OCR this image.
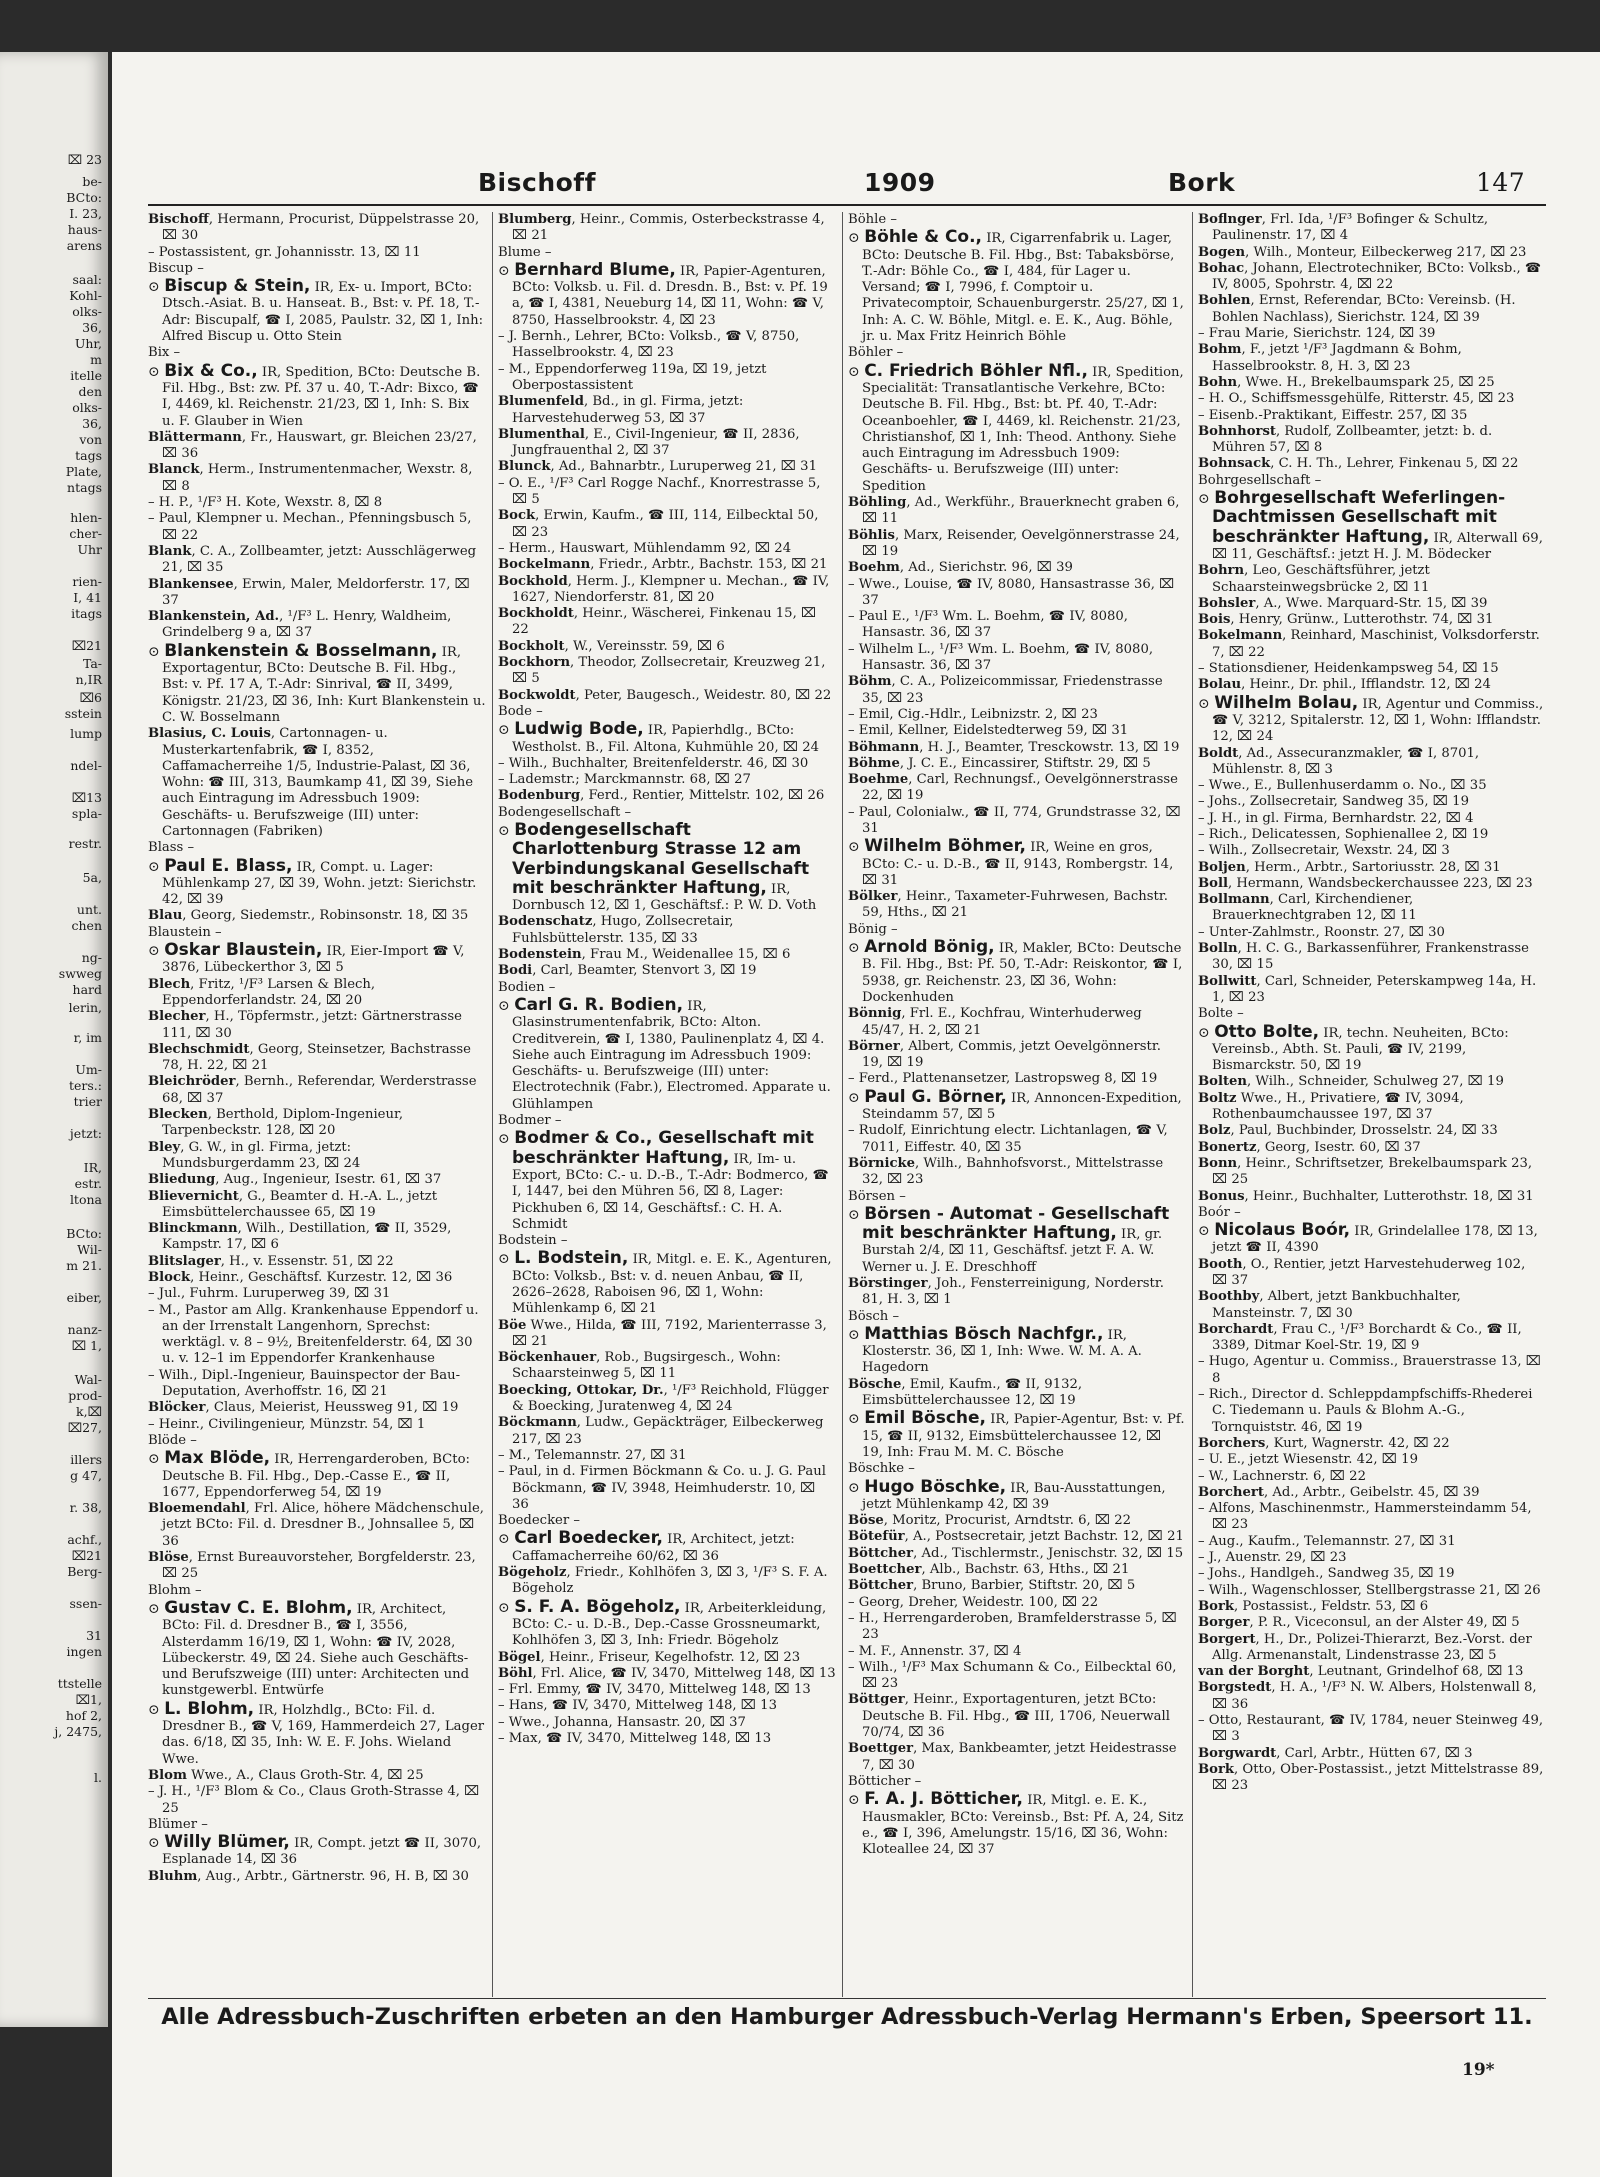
⌧ 23
be-
BCto:
I. 23,
haus-
arens
saal:
Kohl-
olks-
36,
Uhr,
m
itelle
den
olks-
36,
von
tags
Plate,
ntags
hlen-
cher-
Uhr
rien-
I, 41
itags
⌧21
Ta-
n,IR
⌧6
sstein
lump
ndel-
⌧13
spla-
restr.
5a,
unt.
chen
ng-
swweg
hard
lerin,
r, im
Um-
ters.:
trier
jetzt:
IR,
estr.
ltona
BCto:
Wil-
m 21.
eiber,
nanz-
⌧ 1,
Wal-
prod-
k,⌧
⌧27,
illers
g 47,
r. 38,
achf.,
⌧21
Berg-
ssen-
31
ingen
ttstelle
⌧1,
hof 2,
j, 2475,
l.
Bischoff	1909	Bork	147
Bischoff, Hermann, Procurist, Düppelstrasse 20, ⌧ 30
– Postassistent, gr. Johannisstr. 13, ⌧ 11
Biscup –
⊙ Biscup & Stein, IR, Ex- u. Import, BCto: Dtsch.-Asiat. B. u. Hanseat. B., Bst: v. Pf. 18, T.-Adr: Biscupalf, ☎ I, 2085, Paulstr. 32, ⌧ 1, Inh: Alfred Biscup u. Otto Stein
Bix –
⊙ Bix & Co., IR, Spedition, BCto: Deutsche B. Fil. Hbg., Bst: zw. Pf. 37 u. 40, T.-Adr: Bixco, ☎ I, 4469, kl. Reichenstr. 21/23, ⌧ 1, Inh: S. Bix u. F. Glauber in Wien
Blättermann, Fr., Hauswart, gr. Bleichen 23/27, ⌧ 36
Blanck, Herm., Instrumentenmacher, Wexstr. 8, ⌧ 8
– H. P., ¹/F³ H. Kote, Wexstr. 8, ⌧ 8
– Paul, Klempner u. Mechan., Pfenningsbusch 5, ⌧ 22
Blank, C. A., Zollbeamter, jetzt: Ausschlägerweg 21, ⌧ 35
Blankensee, Erwin, Maler, Meldorferstr. 17, ⌧ 37
Blankenstein, Ad., ¹/F³ L. Henry, Waldheim, Grindelberg 9 a, ⌧ 37
⊙ Blankenstein & Bosselmann, IR, Exportagentur, BCto: Deutsche B. Fil. Hbg., Bst: v. Pf. 17 A, T.-Adr: Sinrival, ☎ II, 3499, Königstr. 21/23, ⌧ 36, Inh: Kurt Blankenstein u. C. W. Bosselmann
Blasius, C. Louis, Cartonnagen- u. Musterkartenfabrik, ☎ I, 8352, Caffamacherreihe 1/5, Industrie-Palast, ⌧ 36, Wohn: ☎ III, 313, Baumkamp 41, ⌧ 39, Siehe auch Eintragung im Adressbuch 1909: Geschäfts- u. Berufszweige (III) unter: Cartonnagen (Fabriken)
Blass –
⊙ Paul E. Blass, IR, Compt. u. Lager: Mühlenkamp 27, ⌧ 39, Wohn. jetzt: Sierichstr. 42, ⌧ 39
Blau, Georg, Siedemstr., Robinsonstr. 18, ⌧ 35
Blaustein –
⊙ Oskar Blaustein, IR, Eier-Import ☎ V, 3876, Lübeckerthor 3, ⌧ 5
Blech, Fritz, ¹/F³ Larsen & Blech, Eppendorferlandstr. 24, ⌧ 20
Blecher, H., Töpfermstr., jetzt: Gärtnerstrasse 111, ⌧ 30
Blechschmidt, Georg, Steinsetzer, Bachstrasse 78, H. 22, ⌧ 21
Bleichröder, Bernh., Referendar, Werderstrasse 68, ⌧ 37
Blecken, Berthold, Diplom-Ingenieur, Tarpenbeckstr. 128, ⌧ 20
Bley, G. W., in gl. Firma, jetzt: Mundsburgerdamm 23, ⌧ 24
Bliedung, Aug., Ingenieur, Isestr. 61, ⌧ 37
Blievernicht, G., Beamter d. H.-A. L., jetzt Eimsbüttelerchaussee 65, ⌧ 19
Blinckmann, Wilh., Destillation, ☎ II, 3529, Kampstr. 17, ⌧ 6
Blitslager, H., v. Essenstr. 51, ⌧ 22
Block, Heinr., Geschäftsf. Kurzestr. 12, ⌧ 36
– Jul., Fuhrm. Luruperweg 39, ⌧ 31
– M., Pastor am Allg. Krankenhause Eppendorf u. an der Irrenstalt Langenhorn, Sprechst: werktägl. v. 8 – 9½, Breitenfelderstr. 64, ⌧ 30 u. v. 12–1 im Eppendorfer Krankenhause
– Wilh., Dipl.-Ingenieur, Bauinspector der Bau-Deputation, Averhoffstr. 16, ⌧ 21
Blöcker, Claus, Meierist, Heussweg 91, ⌧ 19
– Heinr., Civilingenieur, Münzstr. 54, ⌧ 1
Blöde –
⊙ Max Blöde, IR, Herrengarderoben, BCto: Deutsche B. Fil. Hbg., Dep.-Casse E., ☎ II, 1677, Eppendorferweg 54, ⌧ 19
Bloemendahl, Frl. Alice, höhere Mädchenschule, jetzt BCto: Fil. d. Dresdner B., Johnsallee 5, ⌧ 36
Blöse, Ernst Bureauvorsteher, Borgfelderstr. 23, ⌧ 25
Blohm –
⊙ Gustav C. E. Blohm, IR, Architect, BCto: Fil. d. Dresdner B., ☎ I, 3556, Alsterdamm 16/19, ⌧ 1, Wohn: ☎ IV, 2028, Lübeckerstr. 49, ⌧ 24. Siehe auch Geschäfts- und Berufszweige (III) unter: Architecten und kunstgewerbl. Entwürfe
⊙ L. Blohm, IR, Holzhdlg., BCto: Fil. d. Dresdner B., ☎ V, 169, Hammerdeich 27, Lager das. 6/18, ⌧ 35, Inh: W. E. F. Johs. Wieland Wwe.
Blom Wwe., A., Claus Groth-Str. 4, ⌧ 25
– J. H., ¹/F³ Blom & Co., Claus Groth-Strasse 4, ⌧ 25
Blümer –
⊙ Willy Blümer, IR, Compt. jetzt ☎ II, 3070, Esplanade 14, ⌧ 36
Bluhm, Aug., Arbtr., Gärtnerstr. 96, H. B, ⌧ 30
Blumberg, Heinr., Commis, Osterbeckstrasse 4, ⌧ 21
Blume –
⊙ Bernhard Blume, IR, Papier-Agenturen, BCto: Volksb. u. Fil. d. Dresdn. B., Bst: v. Pf. 19 a, ☎ I, 4381, Neueburg 14, ⌧ 11, Wohn: ☎ V, 8750, Hasselbrookstr. 4, ⌧ 23
– J. Bernh., Lehrer, BCto: Volksb., ☎ V, 8750, Hasselbrookstr. 4, ⌧ 23
– M., Eppendorferweg 119a, ⌧ 19, jetzt Oberpostassistent
Blumenfeld, Bd., in gl. Firma, jetzt: Harvestehuderweg 53, ⌧ 37
Blumenthal, E., Civil-Ingenieur, ☎ II, 2836, Jungfrauenthal 2, ⌧ 37
Blunck, Ad., Bahnarbtr., Luruperweg 21, ⌧ 31
– O. E., ¹/F³ Carl Rogge Nachf., Knorrestrasse 5, ⌧ 5
Bock, Erwin, Kaufm., ☎ III, 114, Eilbecktal 50, ⌧ 23
– Herm., Hauswart, Mühlendamm 92, ⌧ 24
Bockelmann, Friedr., Arbtr., Bachstr. 153, ⌧ 21
Bockhold, Herm. J., Klempner u. Mechan., ☎ IV, 1627, Niendorferstr. 81, ⌧ 20
Bockholdt, Heinr., Wäscherei, Finkenau 15, ⌧ 22
Bockholt, W., Vereinsstr. 59, ⌧ 6
Bockhorn, Theodor, Zollsecretair, Kreuzweg 21, ⌧ 5
Bockwoldt, Peter, Baugesch., Weidestr. 80, ⌧ 22
Bode –
⊙ Ludwig Bode, IR, Papierhdlg., BCto: Westholst. B., Fil. Altona, Kuhmühle 20, ⌧ 24
– Wilh., Buchhalter, Breitenfelderstr. 46, ⌧ 30
– Lademstr.; Marckmannstr. 68, ⌧ 27
Bodenburg, Ferd., Rentier, Mittelstr. 102, ⌧ 26
Bodengesellschaft –
⊙ Bodengesellschaft Charlottenburg Strasse 12 am Verbindungskanal Gesellschaft mit beschränkter Haftung, IR, Dornbusch 12, ⌧ 1, Geschäftsf.: P. W. D. Voth
Bodenschatz, Hugo, Zollsecretair, Fuhlsbüttelerstr. 135, ⌧ 33
Bodenstein, Frau M., Weidenallee 15, ⌧ 6
Bodi, Carl, Beamter, Stenvort 3, ⌧ 19
Bodien –
⊙ Carl G. R. Bodien, IR, Glasinstrumentenfabrik, BCto: Alton. Creditverein, ☎ I, 1380, Paulinenplatz 4, ⌧ 4. Siehe auch Eintragung im Adressbuch 1909: Geschäfts- u. Berufszweige (III) unter: Electrotechnik (Fabr.), Electromed. Apparate u. Glühlampen
Bodmer –
⊙ Bodmer & Co., Gesellschaft mit beschränkter Haftung, IR, Im- u. Export, BCto: C.- u. D.-B., T.-Adr: Bodmerco, ☎ I, 1447, bei den Mühren 56, ⌧ 8, Lager: Pickhuben 6, ⌧ 14, Geschäftsf.: C. H. A. Schmidt
Bodstein –
⊙ L. Bodstein, IR, Mitgl. e. E. K., Agenturen, BCto: Volksb., Bst: v. d. neuen Anbau, ☎ II, 2626–2628, Raboisen 96, ⌧ 1, Wohn: Mühlenkamp 6, ⌧ 21
Böe Wwe., Hilda, ☎ III, 7192, Marienterrasse 3, ⌧ 21
Böckenhauer, Rob., Bugsirgesch., Wohn: Schaarsteinweg 5, ⌧ 11
Boecking, Ottokar, Dr., ¹/F³ Reichhold, Flügger & Boecking, Juratenweg 4, ⌧ 24
Böckmann, Ludw., Gepäckträger, Eilbeckerweg 217, ⌧ 23
– M., Telemannstr. 27, ⌧ 31
– Paul, in d. Firmen Böckmann & Co. u. J. G. Paul Böckmann, ☎ IV, 3948, Heimhuderstr. 10, ⌧ 36
Boedecker –
⊙ Carl Boedecker, IR, Architect, jetzt: Caffamacherreihe 60/62, ⌧ 36
Bögeholz, Friedr., Kohlhöfen 3, ⌧ 3, ¹/F³ S. F. A. Bögeholz
⊙ S. F. A. Bögeholz, IR, Arbeiterkleidung, BCto: C.- u. D.-B., Dep.-Casse Grossneumarkt, Kohlhöfen 3, ⌧ 3, Inh: Friedr. Bögeholz
Bögel, Heinr., Friseur, Kegelhofstr. 12, ⌧ 23
Böhl, Frl. Alice, ☎ IV, 3470, Mittelweg 148, ⌧ 13
– Frl. Emmy, ☎ IV, 3470, Mittelweg 148, ⌧ 13
– Hans, ☎ IV, 3470, Mittelweg 148, ⌧ 13
– Wwe., Johanna, Hansastr. 20, ⌧ 37
– Max, ☎ IV, 3470, Mittelweg 148, ⌧ 13
Böhle –
⊙ Böhle & Co., IR, Cigarrenfabrik u. Lager, BCto: Deutsche B. Fil. Hbg., Bst: Tabaksbörse, T.-Adr: Böhle Co., ☎ I, 484, für Lager u. Versand; ☎ I, 7996, f. Comptoir u. Privatecomptoir, Schauenburgerstr. 25/27, ⌧ 1, Inh: A. C. W. Böhle, Mitgl. e. E. K., Aug. Böhle, jr. u. Max Fritz Heinrich Böhle
Böhler –
⊙ C. Friedrich Böhler Nfl., IR, Spedition, Specialität: Transatlantische Verkehre, BCto: Deutsche B. Fil. Hbg., Bst: bt. Pf. 40, T.-Adr: Oceanboehler, ☎ I, 4469, kl. Reichenstr. 21/23, Christianshof, ⌧ 1, Inh: Theod. Anthony. Siehe auch Eintragung im Adressbuch 1909: Geschäfts- u. Berufszweige (III) unter: Spedition
Böhling, Ad., Werkführ., Brauerknecht graben 6, ⌧ 11
Böhlis, Marx, Reisender, Oevelgönnerstrasse 24, ⌧ 19
Boehm, Ad., Sierichstr. 96, ⌧ 39
– Wwe., Louise, ☎ IV, 8080, Hansastrasse 36, ⌧ 37
– Paul E., ¹/F³ Wm. L. Boehm, ☎ IV, 8080, Hansastr. 36, ⌧ 37
– Wilhelm L., ¹/F³ Wm. L. Boehm, ☎ IV, 8080, Hansastr. 36, ⌧ 37
Böhm, C. A., Polizeicommissar, Friedenstrasse 35, ⌧ 23
– Emil, Cig.-Hdlr., Leibnizstr. 2, ⌧ 23
– Emil, Kellner, Eidelstedterweg 59, ⌧ 31
Böhmann, H. J., Beamter, Tresckowstr. 13, ⌧ 19
Böhme, J. C. E., Eincassirer, Stiftstr. 29, ⌧ 5
Boehme, Carl, Rechnungsf., Oevelgönnerstrasse 22, ⌧ 19
– Paul, Colonialw., ☎ II, 774, Grundstrasse 32, ⌧ 31
⊙ Wilhelm Böhmer, IR, Weine en gros, BCto: C.- u. D.-B., ☎ II, 9143, Rombergstr. 14, ⌧ 31
Bölker, Heinr., Taxameter-Fuhrwesen, Bachstr. 59, Hths., ⌧ 21
Bönig –
⊙ Arnold Bönig, IR, Makler, BCto: Deutsche B. Fil. Hbg., Bst: Pf. 50, T.-Adr: Reiskontor, ☎ I, 5938, gr. Reichenstr. 23, ⌧ 36, Wohn: Dockenhuden
Bönnig, Frl. E., Kochfrau, Winterhuderweg 45/47, H. 2, ⌧ 21
Börner, Albert, Commis, jetzt Oevelgönnerstr. 19, ⌧ 19
– Ferd., Plattenansetzer, Lastropsweg 8, ⌧ 19
⊙ Paul G. Börner, IR, Annoncen-Expedition, Steindamm 57, ⌧ 5
– Rudolf, Einrichtung electr. Lichtanlagen, ☎ V, 7011, Eiffestr. 40, ⌧ 35
Börnicke, Wilh., Bahnhofsvorst., Mittelstrasse 32, ⌧ 23
Börsen –
⊙ Börsen - Automat - Gesellschaft mit beschränkter Haftung, IR, gr. Burstah 2/4, ⌧ 11, Geschäftsf. jetzt F. A. W. Werner u. J. E. Dreschhoff
Börstinger, Joh., Fensterreinigung, Norderstr. 81, H. 3, ⌧ 1
Bösch –
⊙ Matthias Bösch Nachfgr., IR, Klosterstr. 36, ⌧ 1, Inh: Wwe. W. M. A. A. Hagedorn
Bösche, Emil, Kaufm., ☎ II, 9132, Eimsbüttelerchaussee 12, ⌧ 19
⊙ Emil Bösche, IR, Papier-Agentur, Bst: v. Pf. 15, ☎ II, 9132, Eimsbüttelerchaussee 12, ⌧ 19, Inh: Frau M. M. C. Bösche
Böschke –
⊙ Hugo Böschke, IR, Bau-Ausstattungen, jetzt Mühlenkamp 42, ⌧ 39
Böse, Moritz, Procurist, Arndtstr. 6, ⌧ 22
Bötefür, A., Postsecretair, jetzt Bachstr. 12, ⌧ 21
Böttcher, Ad., Tischlermstr., Jenischstr. 32, ⌧ 15
Boettcher, Alb., Bachstr. 63, Hths., ⌧ 21
Böttcher, Bruno, Barbier, Stiftstr. 20, ⌧ 5
– Georg, Dreher, Weidestr. 100, ⌧ 22
– H., Herrengarderoben, Bramfelderstrasse 5, ⌧ 23
– M. F., Annenstr. 37, ⌧ 4
– Wilh., ¹/F³ Max Schumann & Co., Eilbecktal 60, ⌧ 23
Böttger, Heinr., Exportagenturen, jetzt BCto: Deutsche B. Fil. Hbg., ☎ III, 1706, Neuerwall 70/74, ⌧ 36
Boettger, Max, Bankbeamter, jetzt Heidestrasse 7, ⌧ 30
Bötticher –
⊙ F. A. J. Bötticher, IR, Mitgl. e. E. K., Hausmakler, BCto: Vereinsb., Bst: Pf. A, 24, Sitz e., ☎ I, 396, Amelungstr. 15/16, ⌧ 36, Wohn: Kloteallee 24, ⌧ 37
Boflnger, Frl. Ida, ¹/F³ Bofinger & Schultz, Paulinenstr. 17, ⌧ 4
Bogen, Wilh., Monteur, Eilbeckerweg 217, ⌧ 23
Bohac, Johann, Electrotechniker, BCto: Volksb., ☎ IV, 8005, Spohrstr. 4, ⌧ 22
Bohlen, Ernst, Referendar, BCto: Vereinsb. (H. Bohlen Nachlass), Sierichstr. 124, ⌧ 39
– Frau Marie, Sierichstr. 124, ⌧ 39
Bohm, F., jetzt ¹/F³ Jagdmann & Bohm, Hasselbrookstr. 8, H. 3, ⌧ 23
Bohn, Wwe. H., Brekelbaumspark 25, ⌧ 25
– H. O., Schiffsmessgehülfe, Ritterstr. 45, ⌧ 23
– Eisenb.-Praktikant, Eiffestr. 257, ⌧ 35
Bohnhorst, Rudolf, Zollbeamter, jetzt: b. d. Mühren 57, ⌧ 8
Bohnsack, C. H. Th., Lehrer, Finkenau 5, ⌧ 22
Bohrgesellschaft –
⊙ Bohrgesellschaft Weferlingen-Dachtmissen Gesellschaft mit beschränkter Haftung, IR, Alterwall 69, ⌧ 11, Geschäftsf.: jetzt H. J. M. Bödecker
Bohrn, Leo, Geschäftsführer, jetzt Schaarsteinwegsbrücke 2, ⌧ 11
Bohsler, A., Wwe. Marquard-Str. 15, ⌧ 39
Bois, Henry, Grünw., Lutterothstr. 74, ⌧ 31
Bokelmann, Reinhard, Maschinist, Volksdorferstr. 7, ⌧ 22
– Stationsdiener, Heidenkampsweg 54, ⌧ 15
Bolau, Heinr., Dr. phil., Ifflandstr. 12, ⌧ 24
⊙ Wilhelm Bolau, IR, Agentur und Commiss., ☎ V, 3212, Spitalerstr. 12, ⌧ 1, Wohn: Ifflandstr. 12, ⌧ 24
Boldt, Ad., Assecuranzmakler, ☎ I, 8701, Mühlenstr. 8, ⌧ 3
– Wwe., E., Bullenhuserdamm o. No., ⌧ 35
– Johs., Zollsecretair, Sandweg 35, ⌧ 19
– J. H., in gl. Firma, Bernhardstr. 22, ⌧ 4
– Rich., Delicatessen, Sophienallee 2, ⌧ 19
– Wilh., Zollsecretair, Wexstr. 24, ⌧ 3
Boljen, Herm., Arbtr., Sartoriusstr. 28, ⌧ 31
Boll, Hermann, Wandsbeckerchaussee 223, ⌧ 23
Bollmann, Carl, Kirchendiener, Brauerknechtgraben 12, ⌧ 11
– Unter-Zahlmstr., Roonstr. 27, ⌧ 30
Bolln, H. C. G., Barkassenführer, Frankenstrasse 30, ⌧ 15
Bollwitt, Carl, Schneider, Peterskampweg 14a, H. 1, ⌧ 23
Bolte –
⊙ Otto Bolte, IR, techn. Neuheiten, BCto: Vereinsb., Abth. St. Pauli, ☎ IV, 2199, Bismarckstr. 50, ⌧ 19
Bolten, Wilh., Schneider, Schulweg 27, ⌧ 19
Boltz Wwe., H., Privatiere, ☎ IV, 3094, Rothenbaumchaussee 197, ⌧ 37
Bolz, Paul, Buchbinder, Drosselstr. 24, ⌧ 33
Bonertz, Georg, Isestr. 60, ⌧ 37
Bonn, Heinr., Schriftsetzer, Brekelbaumspark 23, ⌧ 25
Bonus, Heinr., Buchhalter, Lutterothstr. 18, ⌧ 31
Boór –
⊙ Nicolaus Boór, IR, Grindelallee 178, ⌧ 13, jetzt ☎ II, 4390
Booth, O., Rentier, jetzt Harvestehuderweg 102, ⌧ 37
Boothby, Albert, jetzt Bankbuchhalter, Mansteinstr. 7, ⌧ 30
Borchardt, Frau C., ¹/F³ Borchardt & Co., ☎ II, 3389, Ditmar Koel-Str. 19, ⌧ 9
– Hugo, Agentur u. Commiss., Brauerstrasse 13, ⌧ 8
– Rich., Director d. Schleppdampfschiffs-Rhederei C. Tiedemann u. Pauls & Blohm A.-G., Tornquiststr. 46, ⌧ 19
Borchers, Kurt, Wagnerstr. 42, ⌧ 22
– U. E., jetzt Wiesenstr. 42, ⌧ 19
– W., Lachnerstr. 6, ⌧ 22
Borchert, Ad., Arbtr., Geibelstr. 45, ⌧ 39
– Alfons, Maschinenmstr., Hammersteindamm 54, ⌧ 23
– Aug., Kaufm., Telemannstr. 27, ⌧ 31
– J., Auenstr. 29, ⌧ 23
– Johs., Handlgeh., Sandweg 35, ⌧ 19
– Wilh., Wagenschlosser, Stellbergstrasse 21, ⌧ 26
Bork, Postassist., Feldstr. 53, ⌧ 6
Borger, P. R., Viceconsul, an der Alster 49, ⌧ 5
Borgert, H., Dr., Polizei-Thierarzt, Bez.-Vorst. der Allg. Armenanstalt, Lindenstrasse 23, ⌧ 5
van der Borght, Leutnant, Grindelhof 68, ⌧ 13
Borgstedt, H. A., ¹/F³ N. W. Albers, Holstenwall 8, ⌧ 36
– Otto, Restaurant, ☎ IV, 1784, neuer Steinweg 49, ⌧ 3
Borgwardt, Carl, Arbtr., Hütten 67, ⌧ 3
Bork, Otto, Ober-Postassist., jetzt Mittelstrasse 89, ⌧ 23
Alle Adressbuch-Zuschriften erbeten an den Hamburger Adressbuch-Verlag Hermann's Erben, Speersort 11.
19*
